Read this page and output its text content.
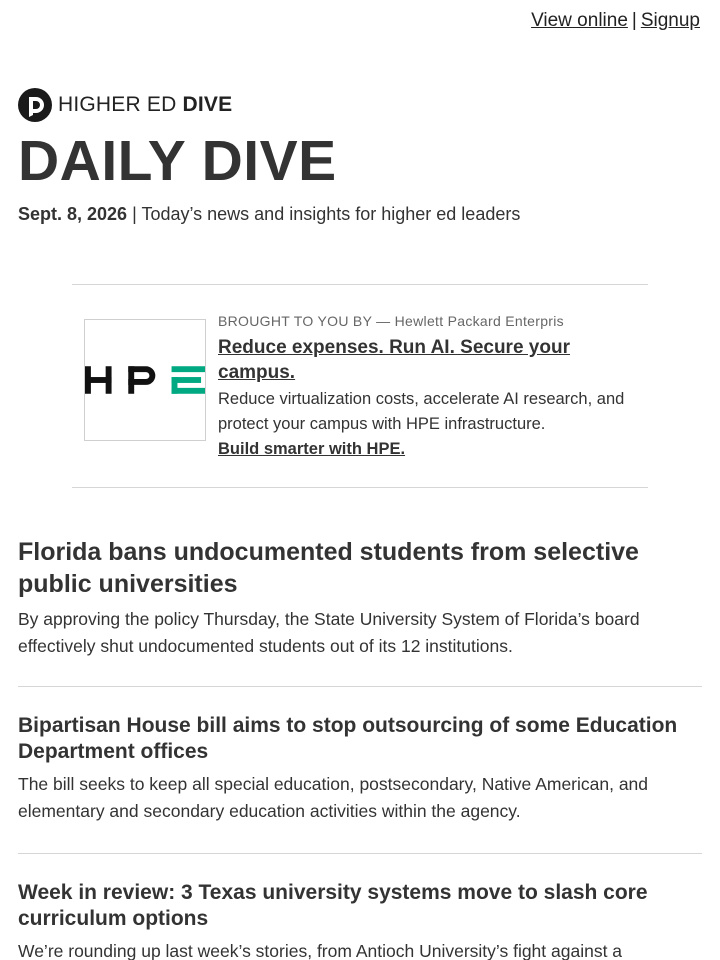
View online | Signup
HIGHER ED DIVE
DAILY DIVE
Sept. 8, 2026 | Today’s news and insights for higher ed leaders
BROUGHT TO YOU BY — Hewlett Packard Enterpris
Reduce expenses. Run AI. Secure your campus.
Reduce virtualization costs, accelerate AI research, and protect your campus with HPE infrastructure.
Build smarter with HPE.
Florida bans undocumented students from selective public universities

By approving the policy Thursday, the State University System of Florida’s board effectively shut undocumented students out of its 12 institutions.

Bipartisan House bill aims to stop outsourcing of some Education Department offices

The bill seeks to keep all special education, postsecondary, Native American, and elementary and secondary education activities within the agency.

Week in review: 3 Texas university systems move to slash core curriculum options

We’re rounding up last week’s stories, from Antioch University’s fight against a
